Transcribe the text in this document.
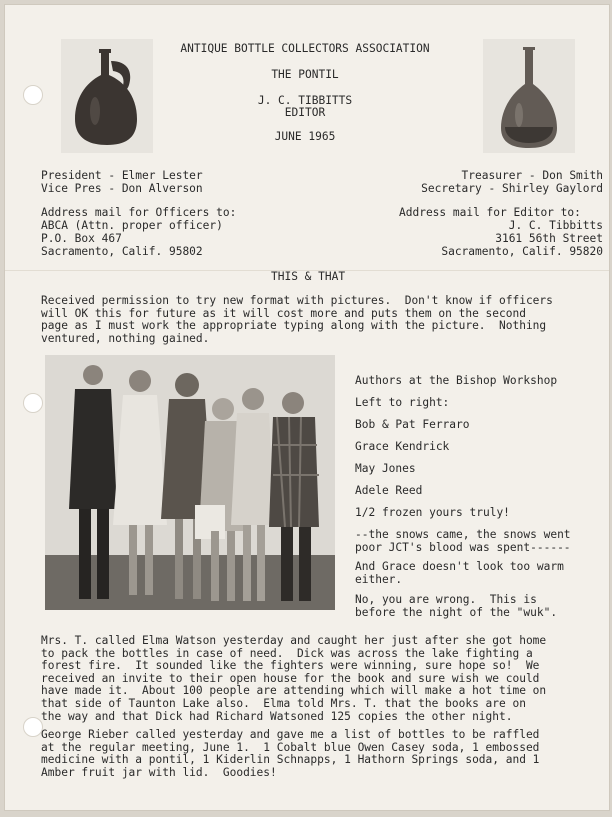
ANTIQUE BOTTLE COLLECTORS ASSOCIATION
THE PONTIL
J. C. TIBBITTS
EDITOR
JUNE 1965
President - Elmer Lester
Vice Pres - Don Alverson
Treasurer - Don Smith
Secretary - Shirley Gaylord
Address mail for Officers to:
ABCA (Attn. proper officer)
P.O. Box 467
Sacramento, Calif. 95802
Address mail for Editor to:
J. C. Tibbitts
3161 56th Street
Sacramento, Calif. 95820
THIS & THAT
Received permission to try new format with pictures.  Don't know if officers
will OK this for future as it will cost more and puts them on the second
page as I must work the appropriate typing along with the picture.  Nothing
ventured, nothing gained.
Authors at the Bishop Workshop
Left to right:
Bob & Pat Ferraro
Grace Kendrick
May Jones
Adele Reed
1/2 frozen yours truly!
--the snows came, the snows went
poor JCT's blood was spent------
And Grace doesn't look too warm
either.
No, you are wrong.  This is
before the night of the "wuk".
Mrs. T. called Elma Watson yesterday and caught her just after she got home
to pack the bottles in case of need.  Dick was across the lake fighting a
forest fire.  It sounded like the fighters were winning, sure hope so!  We
received an invite to their open house for the book and sure wish we could
have made it.  About 100 people are attending which will make a hot time on
that side of Taunton Lake also.  Elma told Mrs. T. that the books are on
the way and that Dick had Richard Watsoned 125 copies the other night.
George Rieber called yesterday and gave me a list of bottles to be raffled
at the regular meeting, June 1.  1 Cobalt blue Owen Casey soda, 1 embossed
medicine with a pontil, 1 Kiderlin Schnapps, 1 Hathorn Springs soda, and 1
Amber fruit jar with lid.  Goodies!
